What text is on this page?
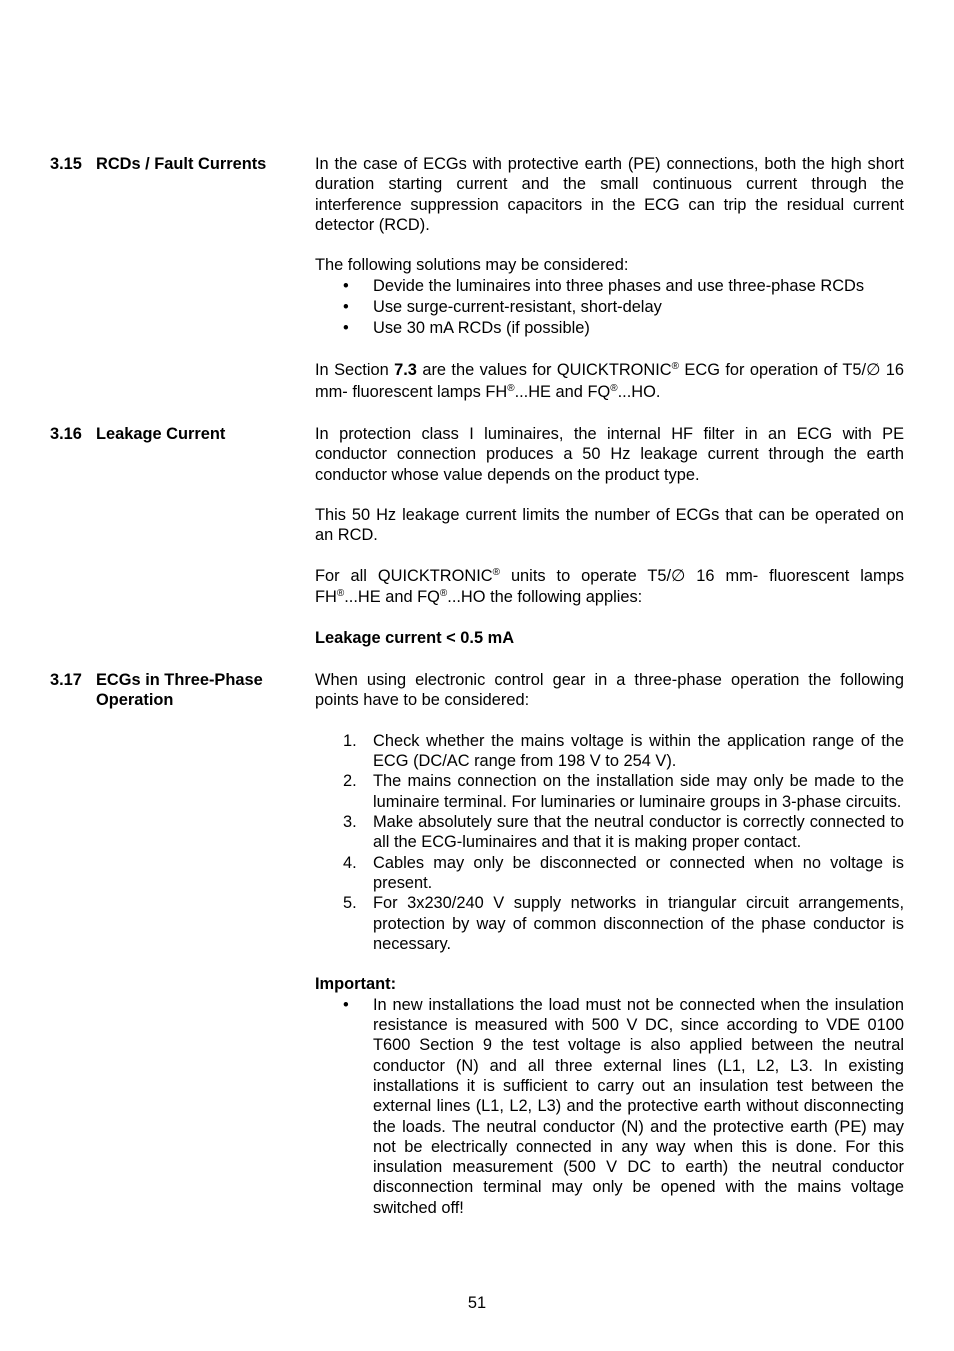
3.15 RCDs / Fault Currents	In the case of ECGs with protective earth (PE) connections, both the high short duration starting current and the small continuous current through the interference suppression capacitors in the ECG can trip the residual current detector (RCD).

The following solutions may be considered:

• Devide the luminaires into three phases and use three-phase RCDs
• Use surge-current-resistant, short-delay
• Use 30 mA RCDs (if possible)

In Section 7.3 are the values for QUICKTRONIC® ECG for operation of T5/∅ 16 mm- fluorescent lamps FH®...HE and FQ®...HO.

3.16 Leakage Current	In protection class I luminaires, the internal HF filter in an ECG with PE conductor connection produces a 50 Hz leakage current through the earth conductor whose value depends on the product type.

This 50 Hz leakage current limits the number of ECGs that can be operated on an RCD.

For all QUICKTRONIC® units to operate T5/∅ 16 mm- fluorescent lamps FH®...HE and FQ®...HO the following applies:

Leakage current < 0.5 mA

3.17 ECGs in Three-Phase Operation

When using electronic control gear in a three-phase operation the following points have to be considered:

1. Check whether the mains voltage is within the application range of the ECG (DC/AC range from 198 V to 254 V).
2. The mains connection on the installation side may only be made to the luminaire terminal. For luminaries or luminaire groups in 3-phase circuits.
3. Make absolutely sure that the neutral conductor is correctly connected to all the ECG-luminaires and that it is making proper contact.
4. Cables may only be disconnected or connected when no voltage is present.
5. For 3x230/240 V supply networks in triangular circuit arrangements, protection by way of common disconnection of the phase conductor is necessary.

Important:

• In new installations the load must not be connected when the insulation resistance is measured with 500 V DC, since according to VDE 0100 T600 Section 9 the test voltage is also applied between the neutral conductor (N) and all three external lines (L1, L2, L3. In existing installations it is sufficient to carry out an insulation test between the external lines (L1, L2, L3) and the protective earth without disconnecting the loads. The neutral conductor (N) and the protective earth (PE) may not be electrically connected in any way when this is done. For this insulation measurement (500 V DC to earth) the neutral conductor disconnection terminal may only be opened with the mains voltage switched off!
51
